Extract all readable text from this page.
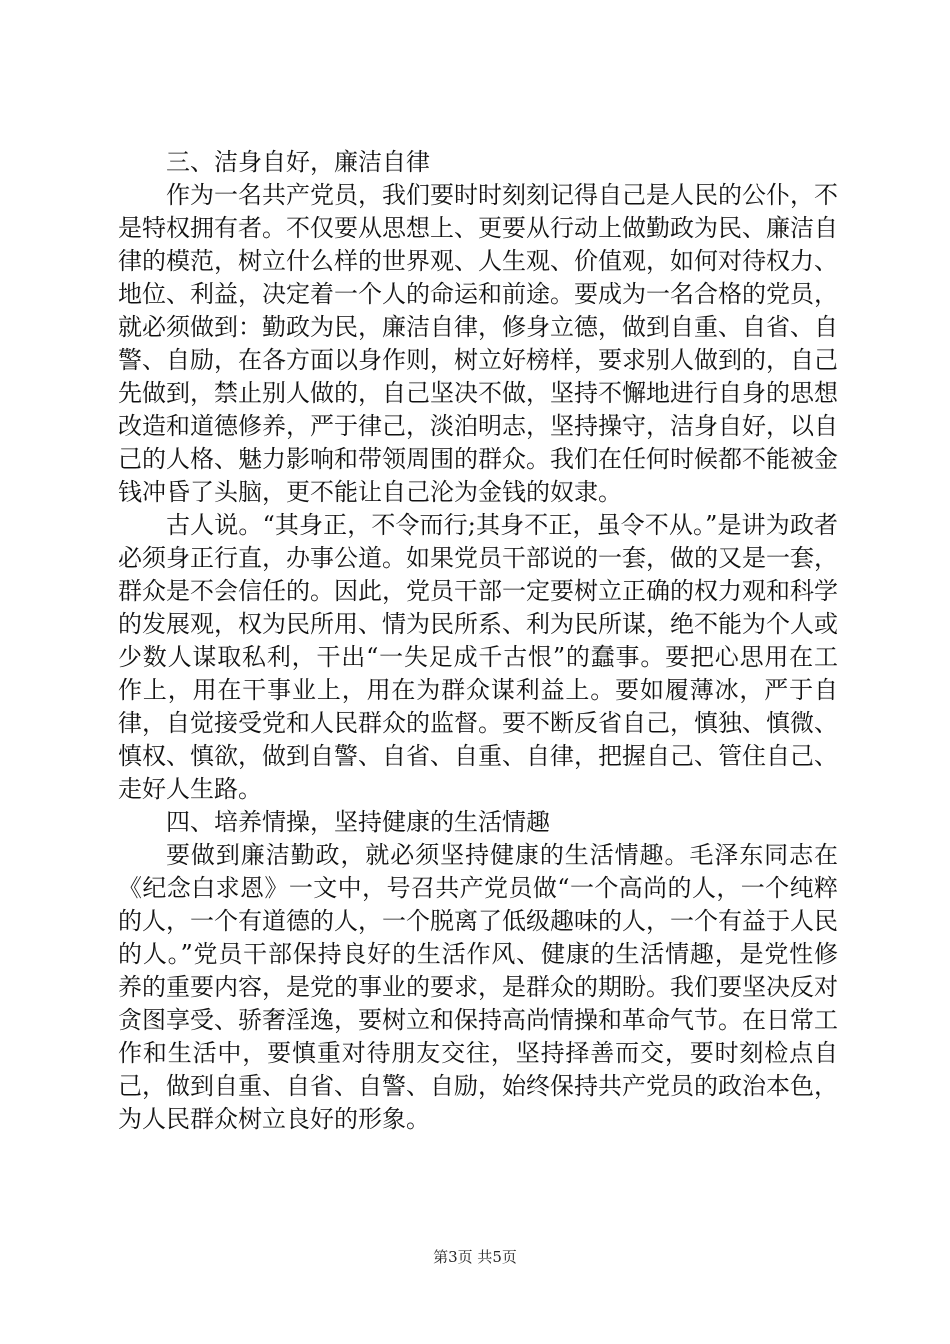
三、洁身自好，廉洁自律

作为一名共产党员，我们要时时刻刻记得自己是人民的公仆，不是特权拥有者。不仅要从思想上、更要从行动上做勤政为民、廉洁自律的模范，树立什么样的世界观、人生观、价值观，如何对待权力、地位、利益，决定着一个人的命运和前途。要成为一名合格的党员，就必须做到：勤政为民，廉洁自律，修身立德，做到自重、自省、自警、自励，在各方面以身作则，树立好榜样，要求别人做到的，自己先做到，禁止别人做的，自己坚决不做，坚持不懈地进行自身的思想改造和道德修养，严于律己，淡泊明志，坚持操守，洁身自好，以自己的人格、魅力影响和带领周围的群众。我们在任何时候都不能被金钱冲昏了头脑，更不能让自己沦为金钱的奴隶。

古人说。“其身正，不令而行;其身不正，虽令不从。”是讲为政者必须身正行直，办事公道。如果党员干部说的一套，做的又是一套，群众是不会信任的。因此，党员干部一定要树立正确的权力观和科学的发展观，权为民所用、情为民所系、利为民所谋，绝不能为个人或少数人谋取私利，干出“一失足成千古恨”的蠢事。要把心思用在工作上，用在干事业上，用在为群众谋利益上。要如履薄冰，严于自律，自觉接受党和人民群众的监督。要不断反省自己，慎独、慎微、慎权、慎欲，做到自警、自省、自重、自律，把握自己、管住自己、走好人生路。

四、培养情操，坚持健康的生活情趣

要做到廉洁勤政，就必须坚持健康的生活情趣。毛泽东同志在《纪念白求恩》一文中，号召共产党员做“一个高尚的人，一个纯粹的人，一个有道德的人，一个脱离了低级趣味的人，一个有益于人民的人。”党员干部保持良好的生活作风、健康的生活情趣，是党性修养的重要内容，是党的事业的要求，是群众的期盼。我们要坚决反对贪图享受、骄奢淫逸，要树立和保持高尚情操和革命气节。在日常工作和生活中，要慎重对待朋友交往，坚持择善而交，要时刻检点自己，做到自重、自省、自警、自励，始终保持共产党员的政治本色，为人民群众树立良好的形象。

第3页 共5页
